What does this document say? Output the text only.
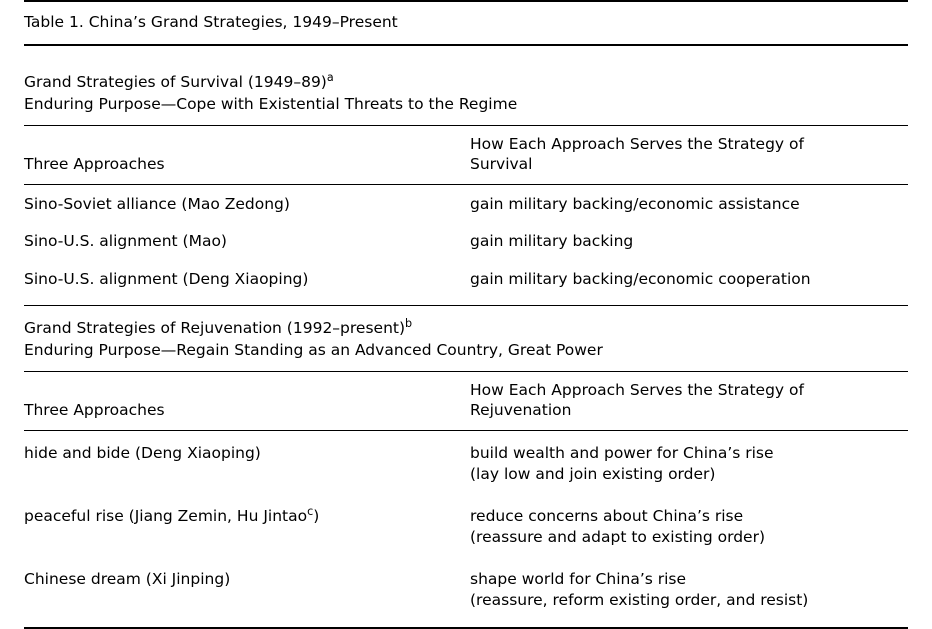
Table 1. China’s Grand Strategies, 1949–Present	

Grand Strategies of Survival (1949–89)$^a$
Enduring Purpose—Cope with Existential Threats to the Regime	

Three Approaches	How Each Approach Serves the Strategy of
Survival

Sino-Soviet alliance (Mao Zedong)	gain military backing/economic assistance
Sino-U.S. alignment (Mao)	gain military backing
Sino-U.S. alignment (Deng Xiaoping)	gain military backing/economic cooperation

Grand Strategies of Rejuvenation (1992–present)$^b$
Enduring Purpose—Regain Standing as an Advanced Country, Great Power	

Three Approaches	How Each Approach Serves the Strategy of
Rejuvenation

hide and bide (Deng Xiaoping)	build wealth and power for China’s rise
(lay low and join existing order)

peaceful rise (Jiang Zemin, Hu Jintao$^c$)	reduce concerns about China’s rise
(reassure and adapt to existing order)

Chinese dream (Xi Jinping)	shape world for China’s rise
(reassure, reform existing order, and resist)
